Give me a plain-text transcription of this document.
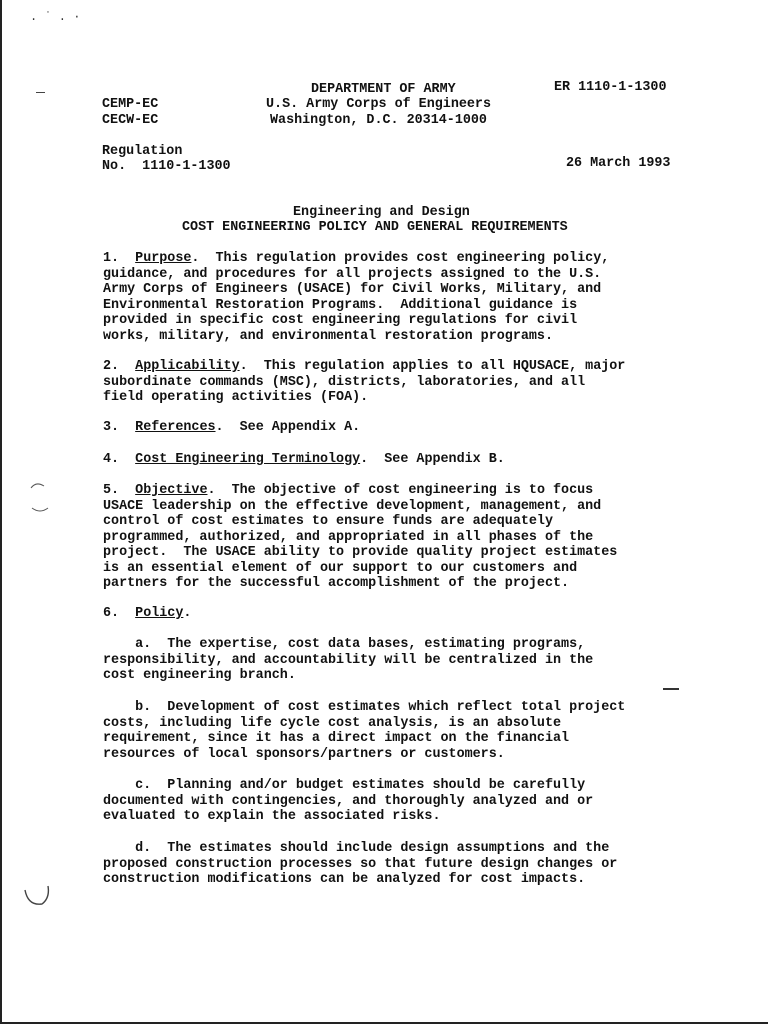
. ˙ . ·
DEPARTMENT OF ARMY	ER 1110-1-1300
CEMP-EC	U.S. Army Corps of Engineers
CECW-EC	Washington, D.C. 20314-1000
Regulation
No.  1110-1-1300	26 March 1993
Engineering and Design
COST ENGINEERING POLICY AND GENERAL REQUIREMENTS
1. Purpose.  This regulation provides cost engineering policy,
guidance, and procedures for all projects assigned to the U.S.
Army Corps of Engineers (USACE) for Civil Works, Military, and
Environmental Restoration Programs.  Additional guidance is
provided in specific cost engineering regulations for civil
works, military, and environmental restoration programs.
2. Applicability.  This regulation applies to all HQUSACE, major
subordinate commands (MSC), districts, laboratories, and all
field operating activities (FOA).
3. References.  See Appendix A.
4. Cost Engineering Terminology.  See Appendix B.
5. Objective.  The objective of cost engineering is to focus
USACE leadership on the effective development, management, and
control of cost estimates to ensure funds are adequately
programmed, authorized, and appropriated in all phases of the
project.  The USACE ability to provide quality project estimates
is an essential element of our support to our customers and
partners for the successful accomplishment of the project.
6. Policy.
a.  The expertise, cost data bases, estimating programs,
responsibility, and accountability will be centralized in the
cost engineering branch.
b.  Development of cost estimates which reflect total project
costs, including life cycle cost analysis, is an absolute
requirement, since it has a direct impact on the financial
resources of local sponsors/partners or customers.
c.  Planning and/or budget estimates should be carefully
documented with contingencies, and thoroughly analyzed and or
evaluated to explain the associated risks.
d.  The estimates should include design assumptions and the
proposed construction processes so that future design changes or
construction modifications can be analyzed for cost impacts.
